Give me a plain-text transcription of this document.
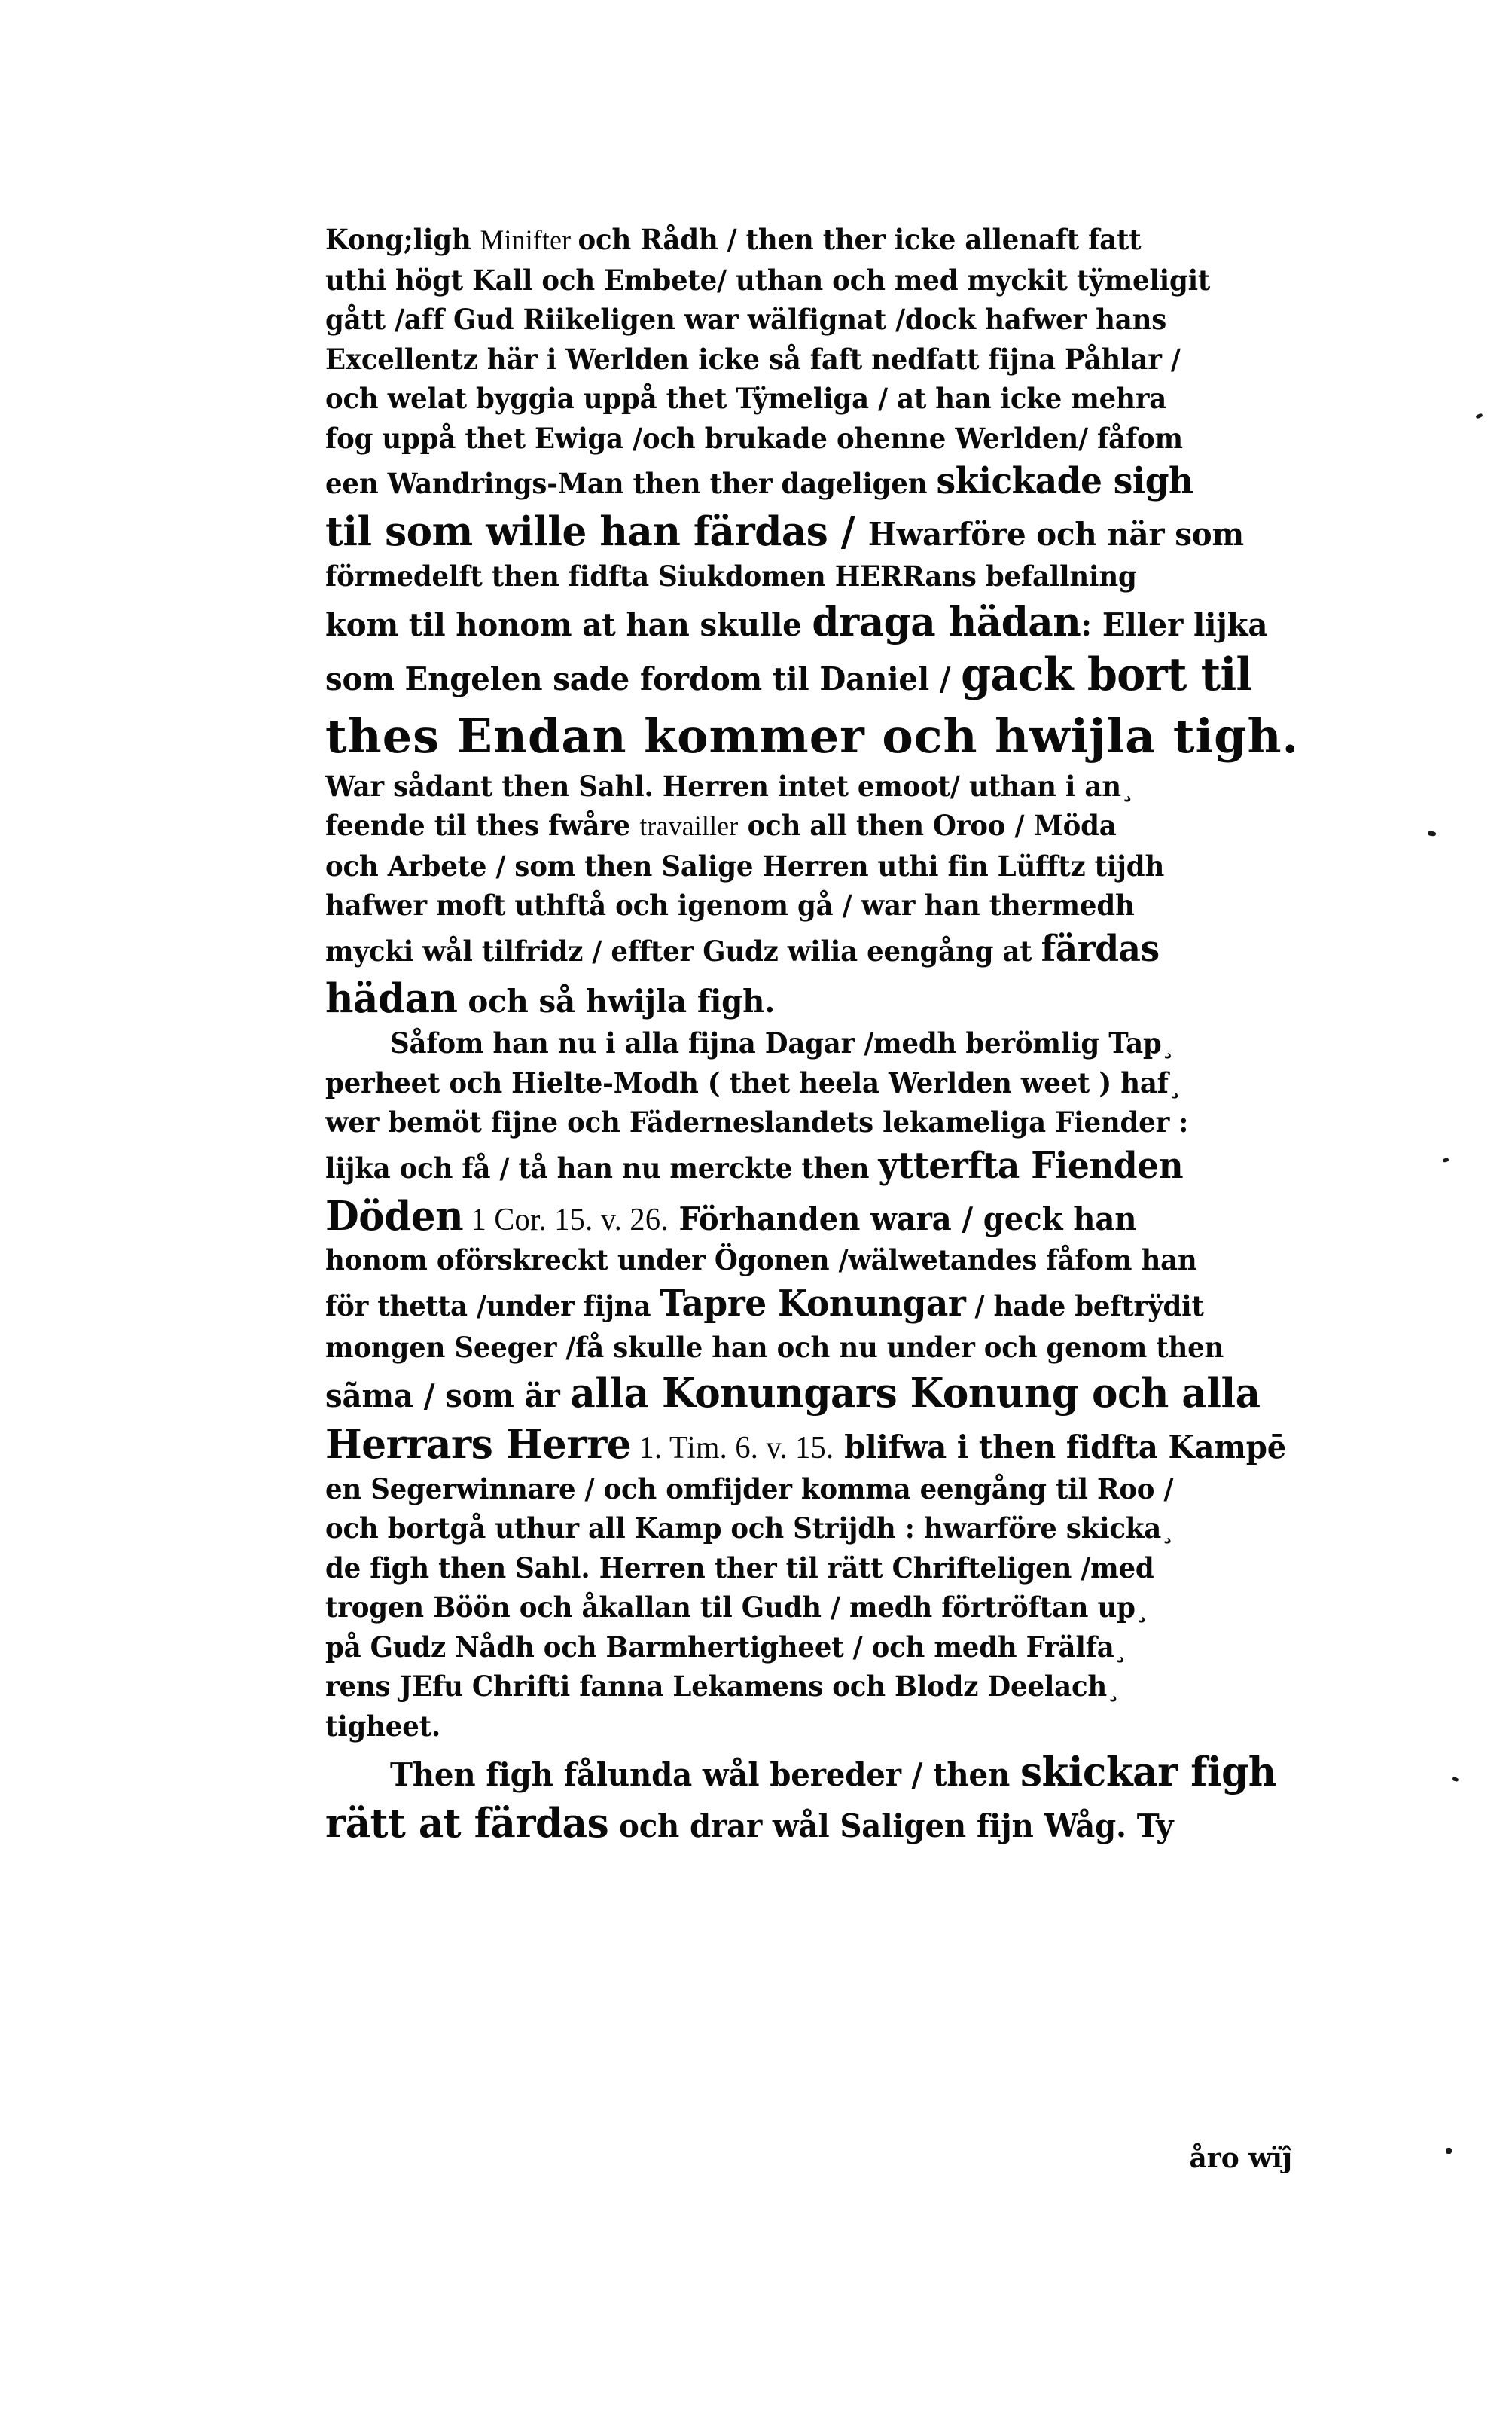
Kong;ligh Minifter och Rådh / then ther icke allenaft fatt
uthi högt Kall och Embete/ uthan och med myckit tÿmeligit
gått /aff Gud Riikeligen war wälfignat /dock hafwer hans
Excellentz här i Werlden icke så faft nedfatt fijna Påhlar /
och welat byggia uppå thet Tÿmeliga / at han icke mehra
fog uppå thet Ewiga /och brukade ohenne Werlden/ fåfom
een Wandrings-Man then ther dageligen skickade sigh
til som wille han färdas / Hwarföre och när som
förmedelft then fidfta Siukdomen HERRans befallning
kom til honom at han skulle draga hädan: Eller lijka
som Engelen sade fordom til Daniel / gack bort til
thes Endan kommer och hwijla tigh.
War sådant then Sahl. Herren intet emoot/ uthan i an¸
feende til thes fwåre travailler och all then Oroo / Möda
och Arbete / som then Salige Herren uthi fin Lüfftz tijdh
hafwer moft uthftå och igenom gå / war han thermedh
mycki wål tilfridz / effter Gudz wilia eengång at färdas
hädan och så hwijla figh.
Såfom han nu i alla fijna Dagar /medh berömlig Tap¸
perheet och Hielte-Modh ( thet heela Werlden weet ) haf¸
wer bemöt fijne och Fäderneslandets lekameliga Fiender :
lijka och få / tå han nu merckte then ytterfta Fienden
Döden 1 Cor. 15. v. 26. Förhanden wara / geck han
honom oförskreckt under Ögonen /wälwetandes fåfom han
för thetta /under fijna Tapre Konungar / hade beftrÿdit
mongen Seeger /få skulle han och nu under och genom then
sãma / som är alla Konungars Konung och alla
Herrars Herre 1. Tim. 6. v. 15. blifwa i then fidfta Kampē
en Segerwinnare / och omfijder komma eengång til Roo /
och bortgå uthur all Kamp och Strijdh : hwarföre skicka¸
de figh then Sahl. Herren ther til rätt Chrifteligen /med
trogen Böön och åkallan til Gudh / medh förtröftan up¸
på Gudz Nådh och Barmhertigheet / och medh Frälfa¸
rens JEfu Chrifti fanna Lekamens och Blodz Deelach¸
tigheet.
Then figh fålunda wål bereder / then skickar figh
rätt at färdas och drar wål Saligen fijn Wåg. Ty
åro wïĵ
